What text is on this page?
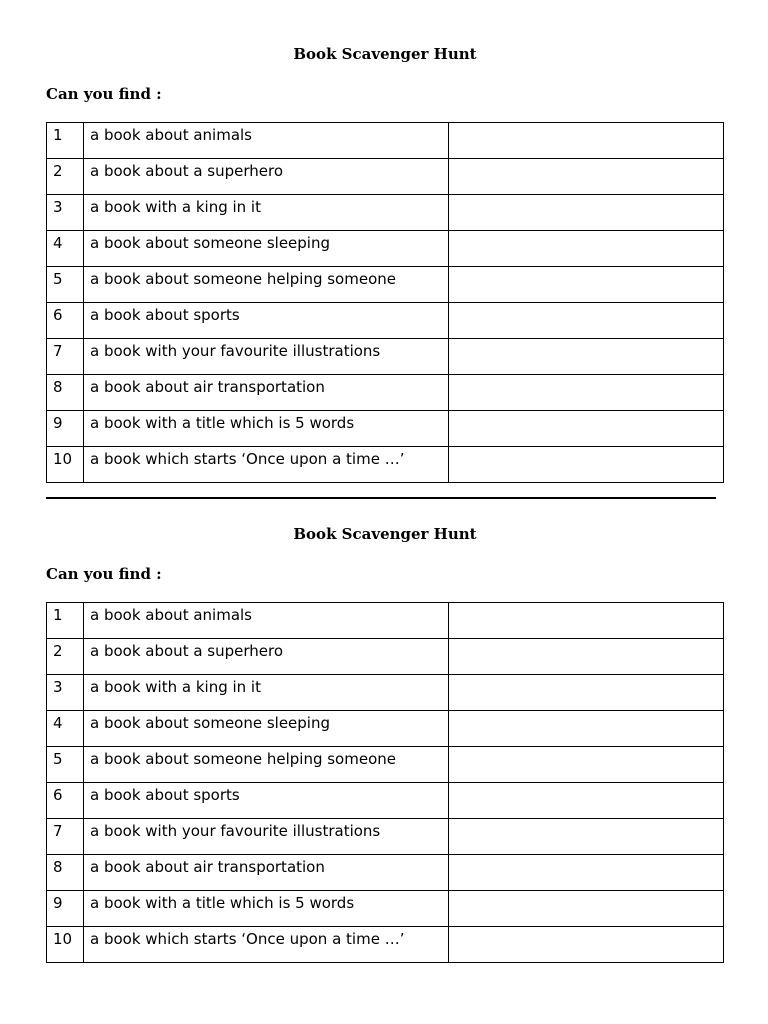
Book Scavenger Hunt
Can you find :
1	a book about animals	
2	a book about a superhero	
3	a book with a king in it	
4	a book about someone sleeping	
5	a book about someone helping someone	
6	a book about sports	
7	a book with your favourite illustrations	
8	a book about air transportation	
9	a book with a title which is 5 words	
10	a book which starts ‘Once upon a time …’	
Book Scavenger Hunt
Can you find :
1	a book about animals	
2	a book about a superhero	
3	a book with a king in it	
4	a book about someone sleeping	
5	a book about someone helping someone	
6	a book about sports	
7	a book with your favourite illustrations	
8	a book about air transportation	
9	a book with a title which is 5 words	
10	a book which starts ‘Once upon a time …’	
